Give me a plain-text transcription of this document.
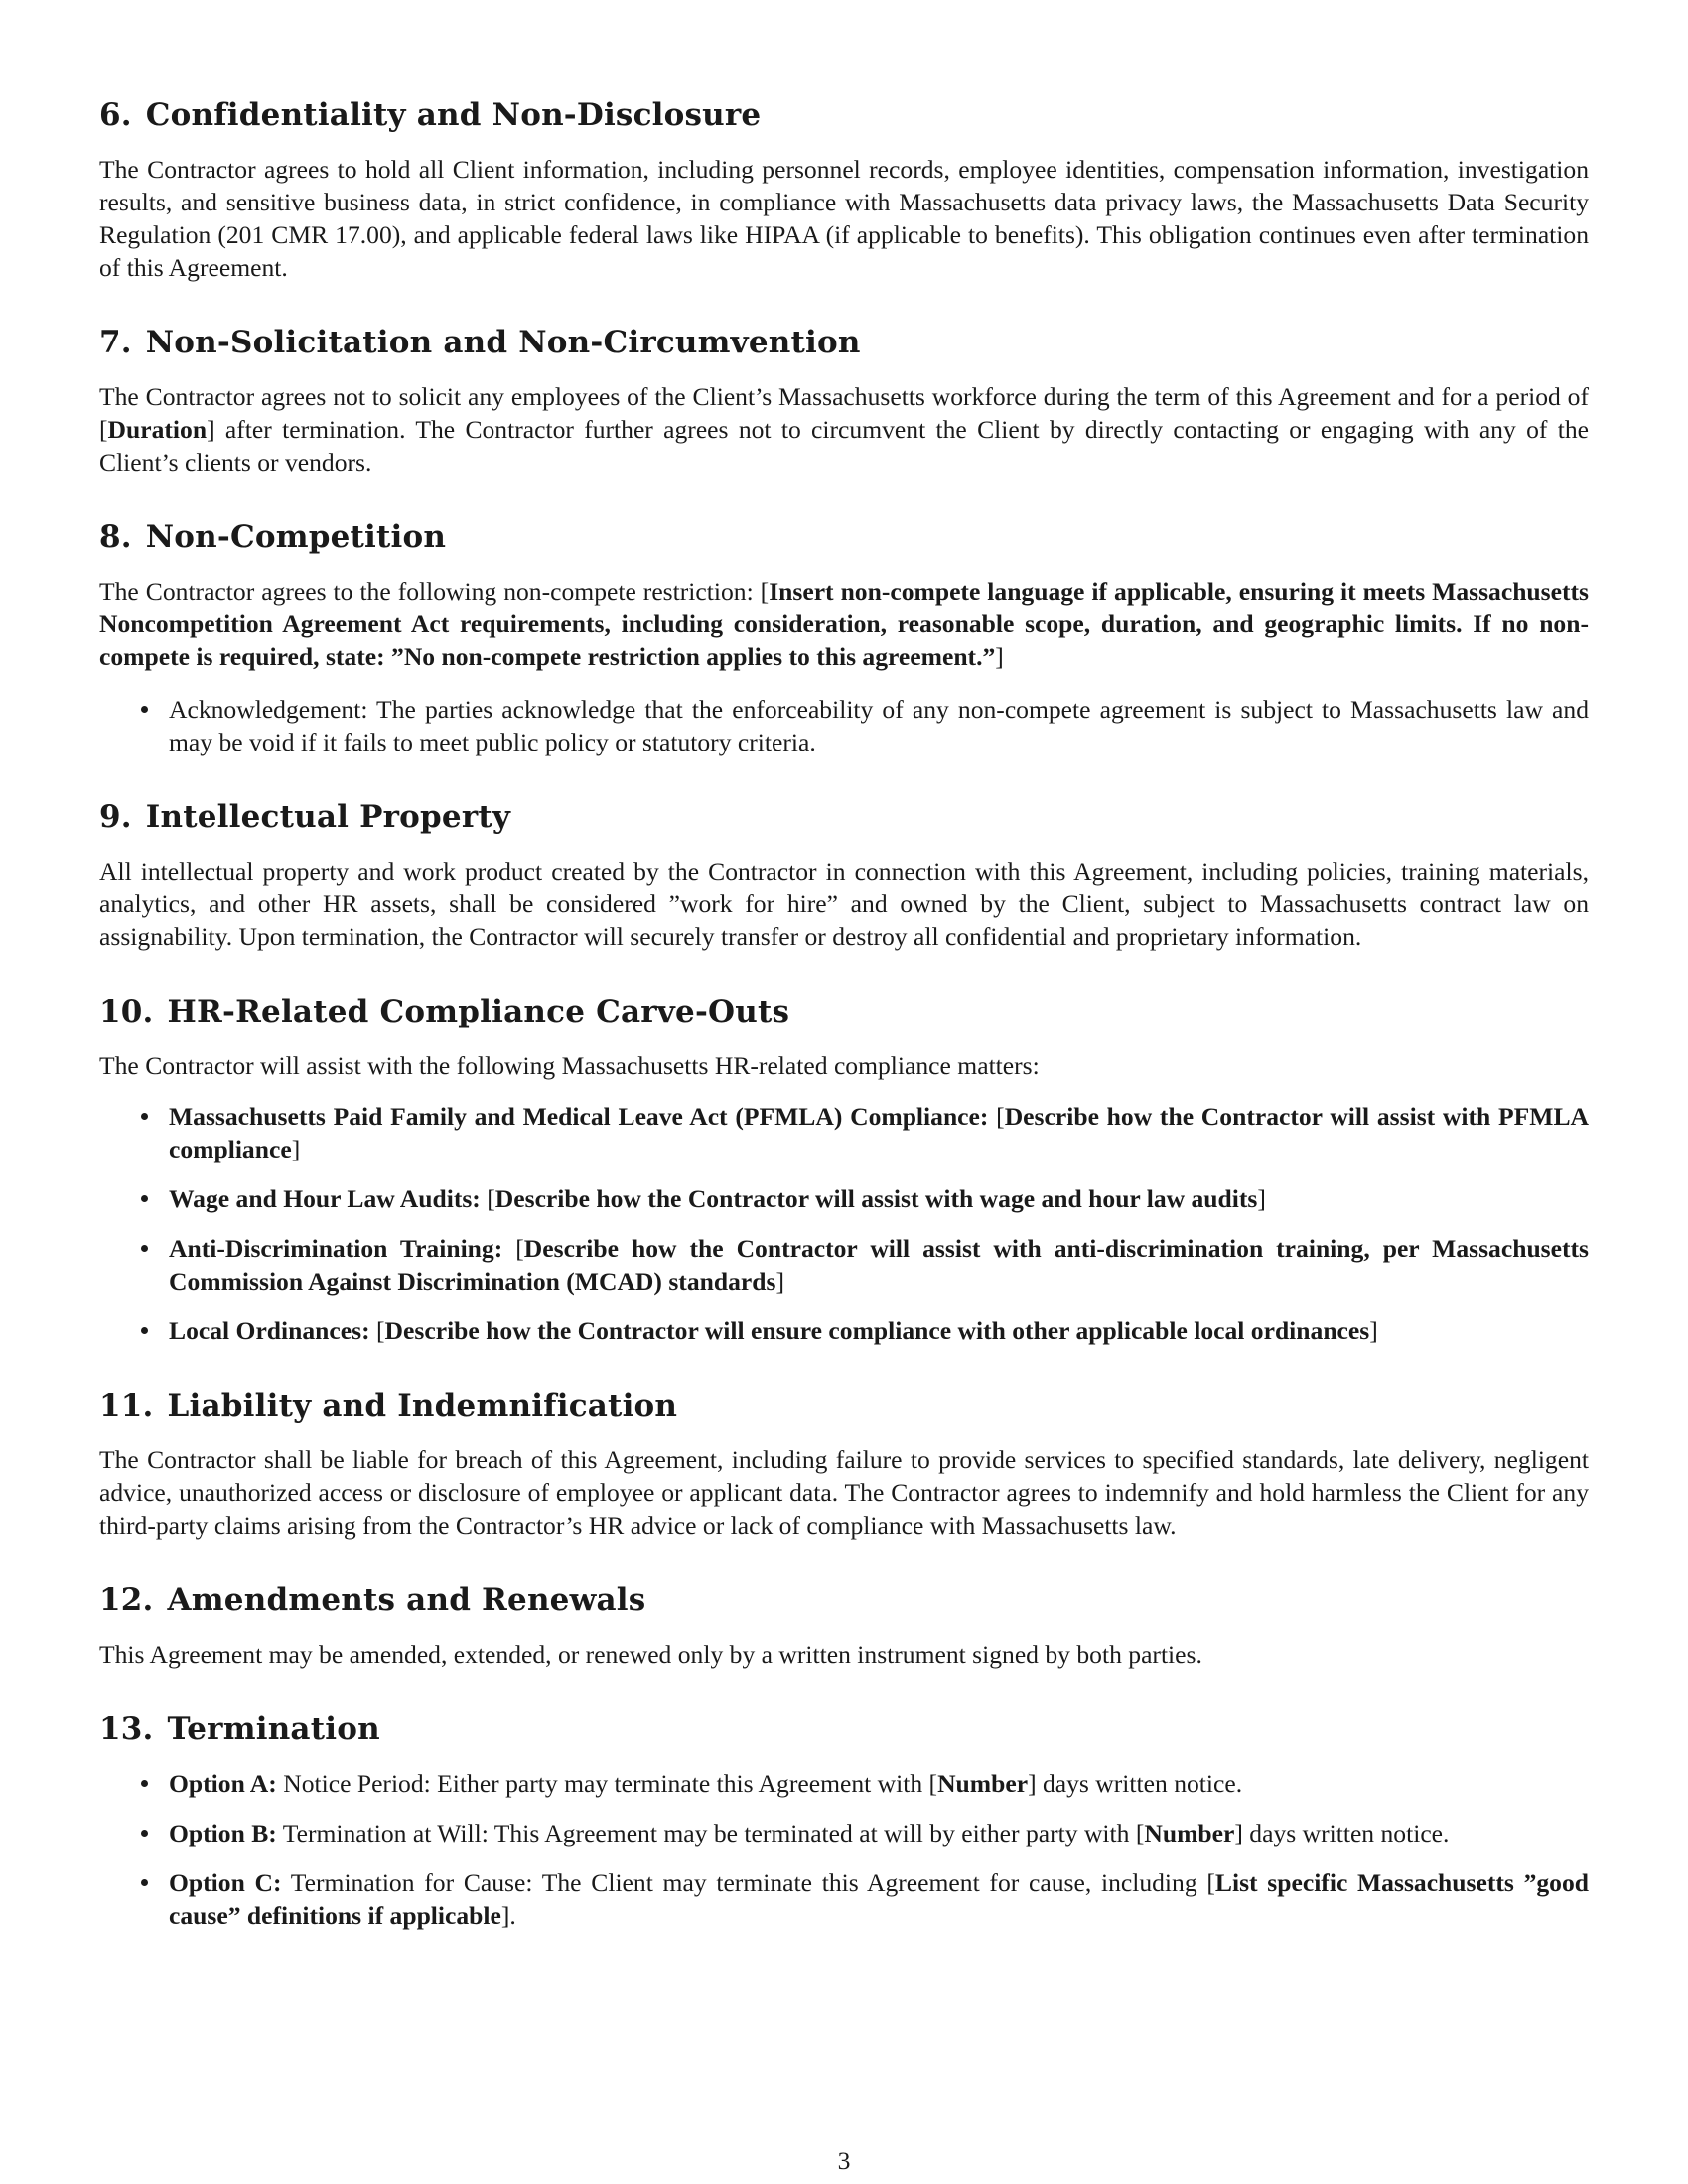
6. Confidentiality and Non-Disclosure

The Contractor agrees to hold all Client information, including personnel records, employee identities, compensation information, investigation results, and sensitive business data, in strict confidence, in compliance with Massachusetts data privacy laws, the Massachusetts Data Security Regulation (201 CMR 17.00), and applicable federal laws like HIPAA (if applicable to benefits). This obligation continues even after termination of this Agreement.

7. Non-Solicitation and Non-Circumvention

The Contractor agrees not to solicit any employees of the Client’s Massachusetts workforce during the term of this Agreement and for a period of [Duration] after termination. The Contractor further agrees not to circumvent the Client by directly contacting or engaging with any of the Client’s clients or vendors.

8. Non-Competition

The Contractor agrees to the following non-compete restriction: [Insert non-compete language if applicable, ensuring it meets Massachusetts Noncompetition Agreement Act requirements, including consideration, reasonable scope, duration, and geographic limits. If no non-compete is required, state: ”No non-compete restriction applies to this agreement.”]

Acknowledgement: The parties acknowledge that the enforceability of any non-compete agreement is subject to Massachusetts law and may be void if it fails to meet public policy or statutory criteria.
9. Intellectual Property

All intellectual property and work product created by the Contractor in connection with this Agreement, including policies, training materials, analytics, and other HR assets, shall be considered ”work for hire” and owned by the Client, subject to Massachusetts contract law on assignability. Upon termination, the Contractor will securely transfer or destroy all confidential and proprietary information.

10. HR-Related Compliance Carve-Outs

The Contractor will assist with the following Massachusetts HR-related compliance matters:

Massachusetts Paid Family and Medical Leave Act (PFMLA) Compliance: [Describe how the Contractor will assist with PFMLA compliance]
Wage and Hour Law Audits: [Describe how the Contractor will assist with wage and hour law audits]
Anti-Discrimination Training: [Describe how the Contractor will assist with anti-discrimination training, per Massachusetts Commission Against Discrimination (MCAD) standards]
Local Ordinances: [Describe how the Contractor will ensure compliance with other applicable local ordinances]
11. Liability and Indemnification

The Contractor shall be liable for breach of this Agreement, including failure to provide services to specified standards, late delivery, negligent advice, unauthorized access or disclosure of employee or applicant data. The Contractor agrees to indemnify and hold harmless the Client for any third-party claims arising from the Contractor’s HR advice or lack of compliance with Massachusetts law.

12. Amendments and Renewals

This Agreement may be amended, extended, or renewed only by a written instrument signed by both parties.

13. Termination
Option A: Notice Period: Either party may terminate this Agreement with [Number] days written notice.
Option B: Termination at Will: This Agreement may be terminated at will by either party with [Number] days written notice.
Option C: Termination for Cause: The Client may terminate this Agreement for cause, including [List specific Massachusetts ”good cause” definitions if applicable].
3
